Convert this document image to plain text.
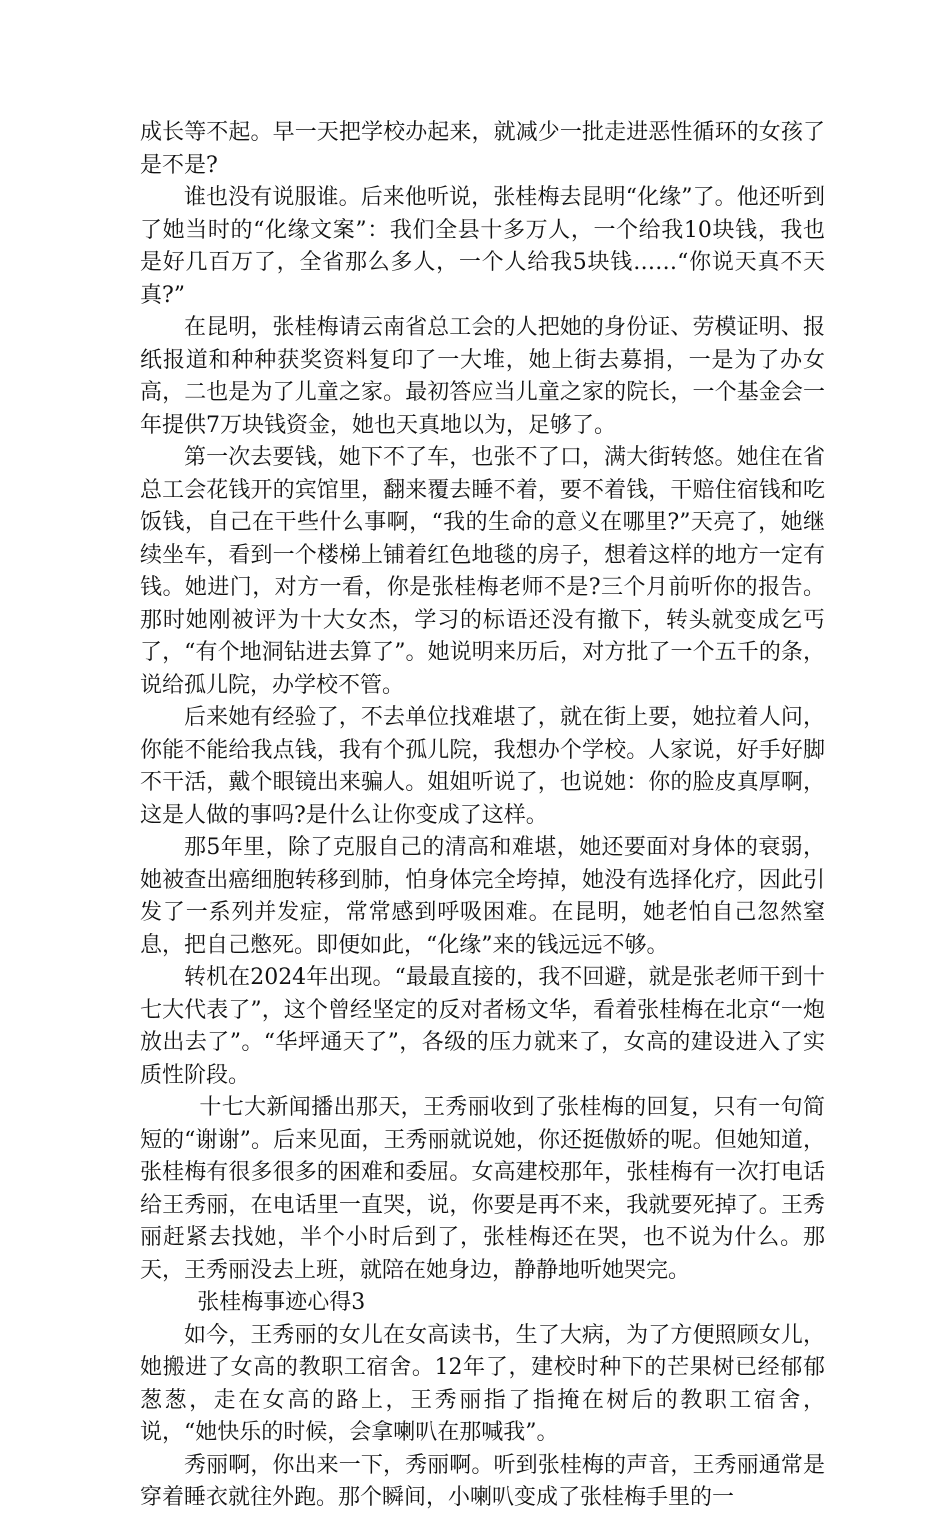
成长等不起。早一天把学校办起来，就减少一批走进恶性循环的女孩了是不是?

谁也没有说服谁。后来他听说，张桂梅去昆明“化缘”了。他还听到了她当时的“化缘文案”：我们全县十多万人，一个给我10块钱，我也是好几百万了，全省那么多人，一个人给我5块钱……“你说天真不天真?”

在昆明，张桂梅请云南省总工会的人把她的身份证、劳模证明、报纸报道和种种获奖资料复印了一大堆，她上街去募捐，一是为了办女高，二也是为了儿童之家。最初答应当儿童之家的院长，一个基金会一年提供7万块钱资金，她也天真地以为，足够了。

第一次去要钱，她下不了车，也张不了口，满大街转悠。她住在省总工会花钱开的宾馆里，翻来覆去睡不着，要不着钱，干赔住宿钱和吃饭钱，自己在干些什么事啊，“我的生命的意义在哪里?”天亮了，她继续坐车，看到一个楼梯上铺着红色地毯的房子，想着这样的地方一定有钱。她进门，对方一看，你是张桂梅老师不是?三个月前听你的报告。那时她刚被评为十大女杰，学习的标语还没有撤下，转头就变成乞丐了，“有个地洞钻进去算了”。她说明来历后，对方批了一个五千的条，说给孤儿院，办学校不管。

后来她有经验了，不去单位找难堪了，就在街上要，她拉着人问，你能不能给我点钱，我有个孤儿院，我想办个学校。人家说，好手好脚不干活，戴个眼镜出来骗人。姐姐听说了，也说她：你的脸皮真厚啊，这是人做的事吗?是什么让你变成了这样。

那5年里，除了克服自己的清高和难堪，她还要面对身体的衰弱，她被查出癌细胞转移到肺，怕身体完全垮掉，她没有选择化疗，因此引发了一系列并发症，常常感到呼吸困难。在昆明，她老怕自己忽然窒息，把自己憋死。即便如此，“化缘”来的钱远远不够。

转机在2024年出现。“最最直接的，我不回避，就是张老师干到十七大代表了”，这个曾经坚定的反对者杨文华，看着张桂梅在北京“一炮放出去了”。“华坪通天了”，各级的压力就来了，女高的建设进入了实质性阶段。

十七大新闻播出那天，王秀丽收到了张桂梅的回复，只有一句简短的“谢谢”。后来见面，王秀丽就说她，你还挺傲娇的呢。但她知道，张桂梅有很多很多的困难和委屈。女高建校那年，张桂梅有一次打电话给王秀丽，在电话里一直哭，说，你要是再不来，我就要死掉了。王秀丽赶紧去找她，半个小时后到了，张桂梅还在哭，也不说为什么。那天，王秀丽没去上班，就陪在她身边，静静地听她哭完。

张桂梅事迹心得3

如今，王秀丽的女儿在女高读书，生了大病，为了方便照顾女儿，她搬进了女高的教职工宿舍。12年了，建校时种下的芒果树已经郁郁葱葱，走在女高的路上，王秀丽指了指掩在树后的教职工宿舍，说，“她快乐的时候，会拿喇叭在那喊我”。

秀丽啊，你出来一下，秀丽啊。听到张桂梅的声音，王秀丽通常是穿着睡衣就往外跑。那个瞬间，小喇叭变成了张桂梅手里的一
